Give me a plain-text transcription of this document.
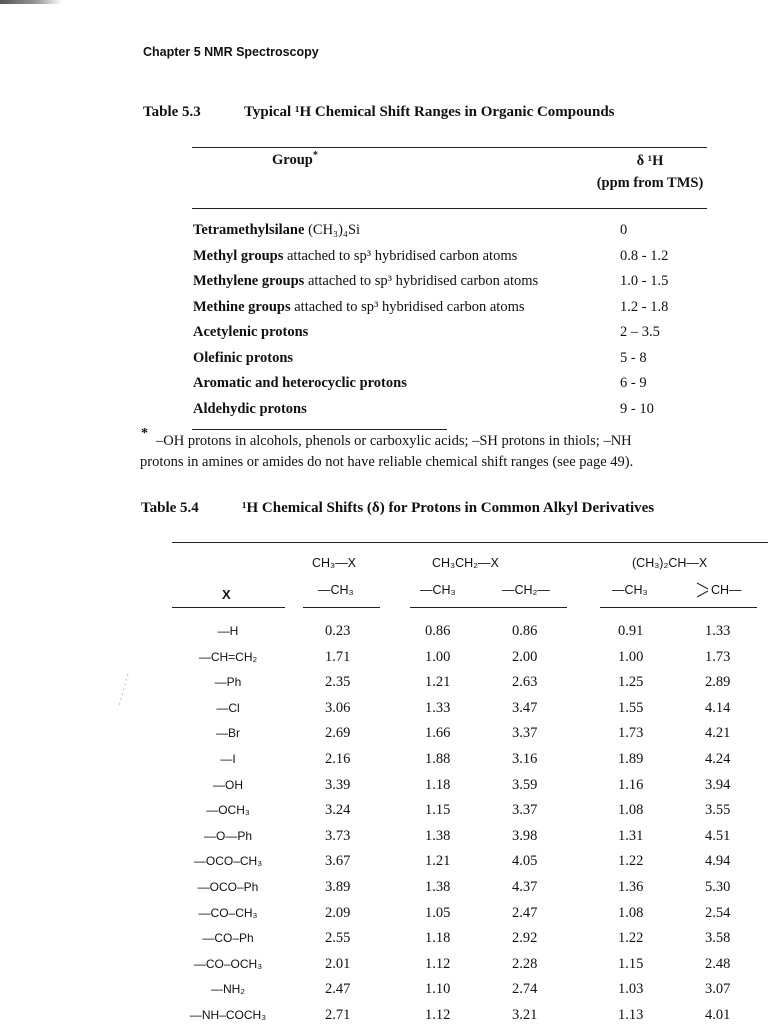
Chapter 5 NMR Spectroscopy
Table 5.3	Typical ¹H Chemical Shift Ranges in Organic Compounds
Group*	δ ¹H
(ppm from TMS)
Tetramethylsilane (CH₃)₄Si	0
Methyl groups attached to sp³ hybridised carbon atoms	0.8 - 1.2
Methylene groups attached to sp³ hybridised carbon atoms	1.0 - 1.5
Methine groups attached to sp³ hybridised carbon atoms	1.2 - 1.8
Acetylenic protons	2 – 3.5
Olefinic protons	5 - 8
Aromatic and heterocyclic protons	6 - 9
Aldehydic protons	9 - 10
* –OH protons in alcohols, phenols or carboxylic acids; –SH protons in thiols; –NH
protons in amines or amides do not have reliable chemical shift ranges (see page 49).
Table 5.4	¹H Chemical Shifts (δ) for Protons in Common Alkyl Derivatives
CH₃—X	CH₃CH₂—X	(CH₃)₂CH—X
X	—CH₃	—CH₃	—CH₂—	—CH₃	CH—
—H	0.23	0.86	0.86	0.91	1.33
—CH=CH₂	1.71	1.00	2.00	1.00	1.73
—Ph	2.35	1.21	2.63	1.25	2.89
—Cl	3.06	1.33	3.47	1.55	4.14
—Br	2.69	1.66	3.37	1.73	4.21
—I	2.16	1.88	3.16	1.89	4.24
—OH	3.39	1.18	3.59	1.16	3.94
—OCH₃	3.24	1.15	3.37	1.08	3.55
—O—Ph	3.73	1.38	3.98	1.31	4.51
—OCO–CH₃	3.67	1.21	4.05	1.22	4.94
—OCO–Ph	3.89	1.38	4.37	1.36	5.30
—CO–CH₃	2.09	1.05	2.47	1.08	2.54
—CO–Ph	2.55	1.18	2.92	1.22	3.58
—CO–OCH₃	2.01	1.12	2.28	1.15	2.48
—NH₂	2.47	1.10	2.74	1.03	3.07
—NH–COCH₃	2.71	1.12	3.21	1.13	4.01
